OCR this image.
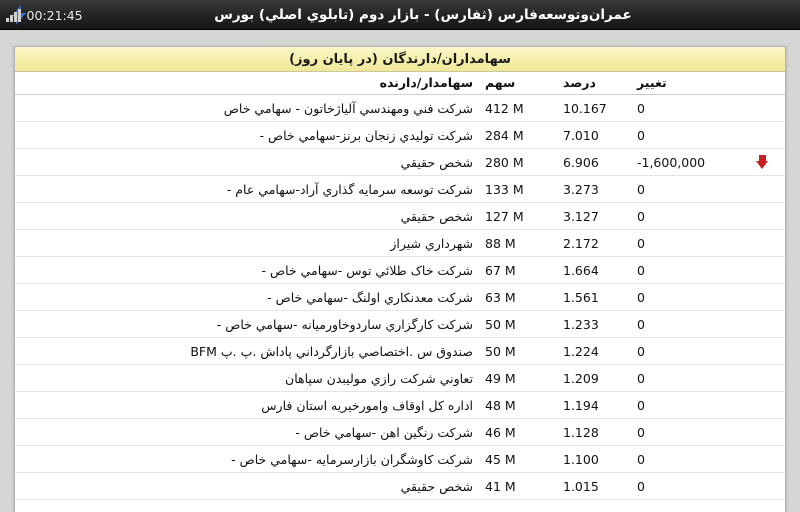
00:21:45	عمران‌وتوسعه‌فارس (ثفارس) - بازار دوم (تابلوي اصلي) بورس
سهامداران/دارندگان (در پايان روز)
	تغيير	درصد	سهم	سهامدار/دارنده
	0	10.167	412 M	شرکت فني ومهندسي آلياژخاتون - سهامي خاص
	0	7.010	284 M	شرکت توليدي زنجان برنز-سهامي خاص -
	-1,600,000	6.906	280 M	شخص حقيقي
	0	3.273	133 M	شرکت توسعه سرمايه گذاري آراد-سهامي عام -
	0	3.127	127 M	شخص حقيقي
	0	2.172	88 M	شهرداري شيراز
	0	1.664	67 M	شرکت خاک طلائي توس -سهامي خاص -
	0	1.561	63 M	شرکت معدنکاري اولنگ -سهامي خاص -
	0	1.233	50 M	شرکت کارگزاري ساردوخاورميانه -سهامي خاص -
	0	1.224	50 M	صندوق س .اختصاصي بازارگرداني پاداش .پ .پ BFM
	0	1.209	49 M	تعاوني شرکت رازي موليبدن سپاهان
	0	1.194	48 M	اداره کل اوقاف وامورخيريه استان فارس
	0	1.128	46 M	شرکت رنگين اهن -سهامي خاص -
	0	1.100	45 M	شرکت کاوشگران بازارسرمايه -سهامي خاص -
	0	1.015	41 M	شخص حقيقي
